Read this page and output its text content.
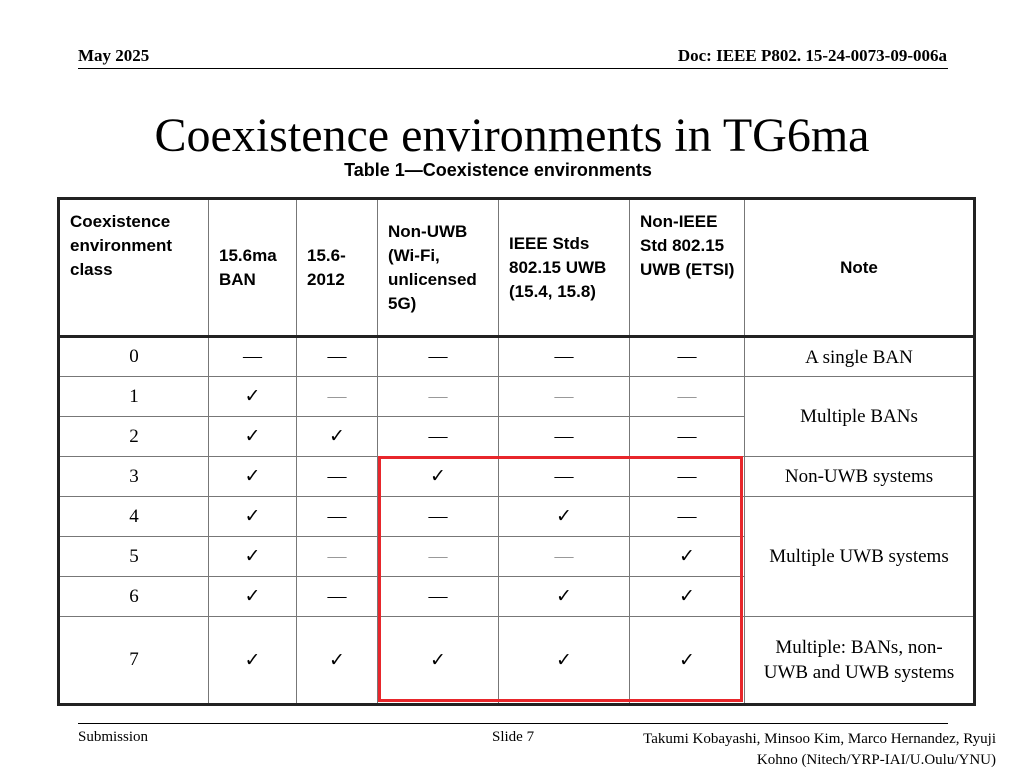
May 2025	Doc: IEEE P802. 15-24-0073-09-006a
Coexistence environments in TG6ma
Table 1—Coexistence environments
Coexistence environment class	15.6ma BAN	15.6-2012	Non-UWB (Wi-Fi, unlicensed 5G)	IEEE Stds 802.15 UWB (15.4, 15.8)	Non-IEEE Std 802.15 UWB (ETSI)	Note
0	—	—	—	—	—	A single BAN
1	✓	—	—	—	—	Multiple BANs
2	✓	✓	—	—	—	
3	✓	—	✓	—	—	Non-UWB systems
4	✓	—	—	✓	—	Multiple UWB systems
5	✓	—	—	—	✓	
6	✓	—	—	✓	✓	
7	✓	✓	✓	✓	✓	Multiple: BANs, non-UWB and UWB systems
Submission	Slide 7	Takumi Kobayashi, Minsoo Kim, Marco Hernandez, Ryuji
Kohno (Nitech/YRP-IAI/U.Oulu/YNU)
